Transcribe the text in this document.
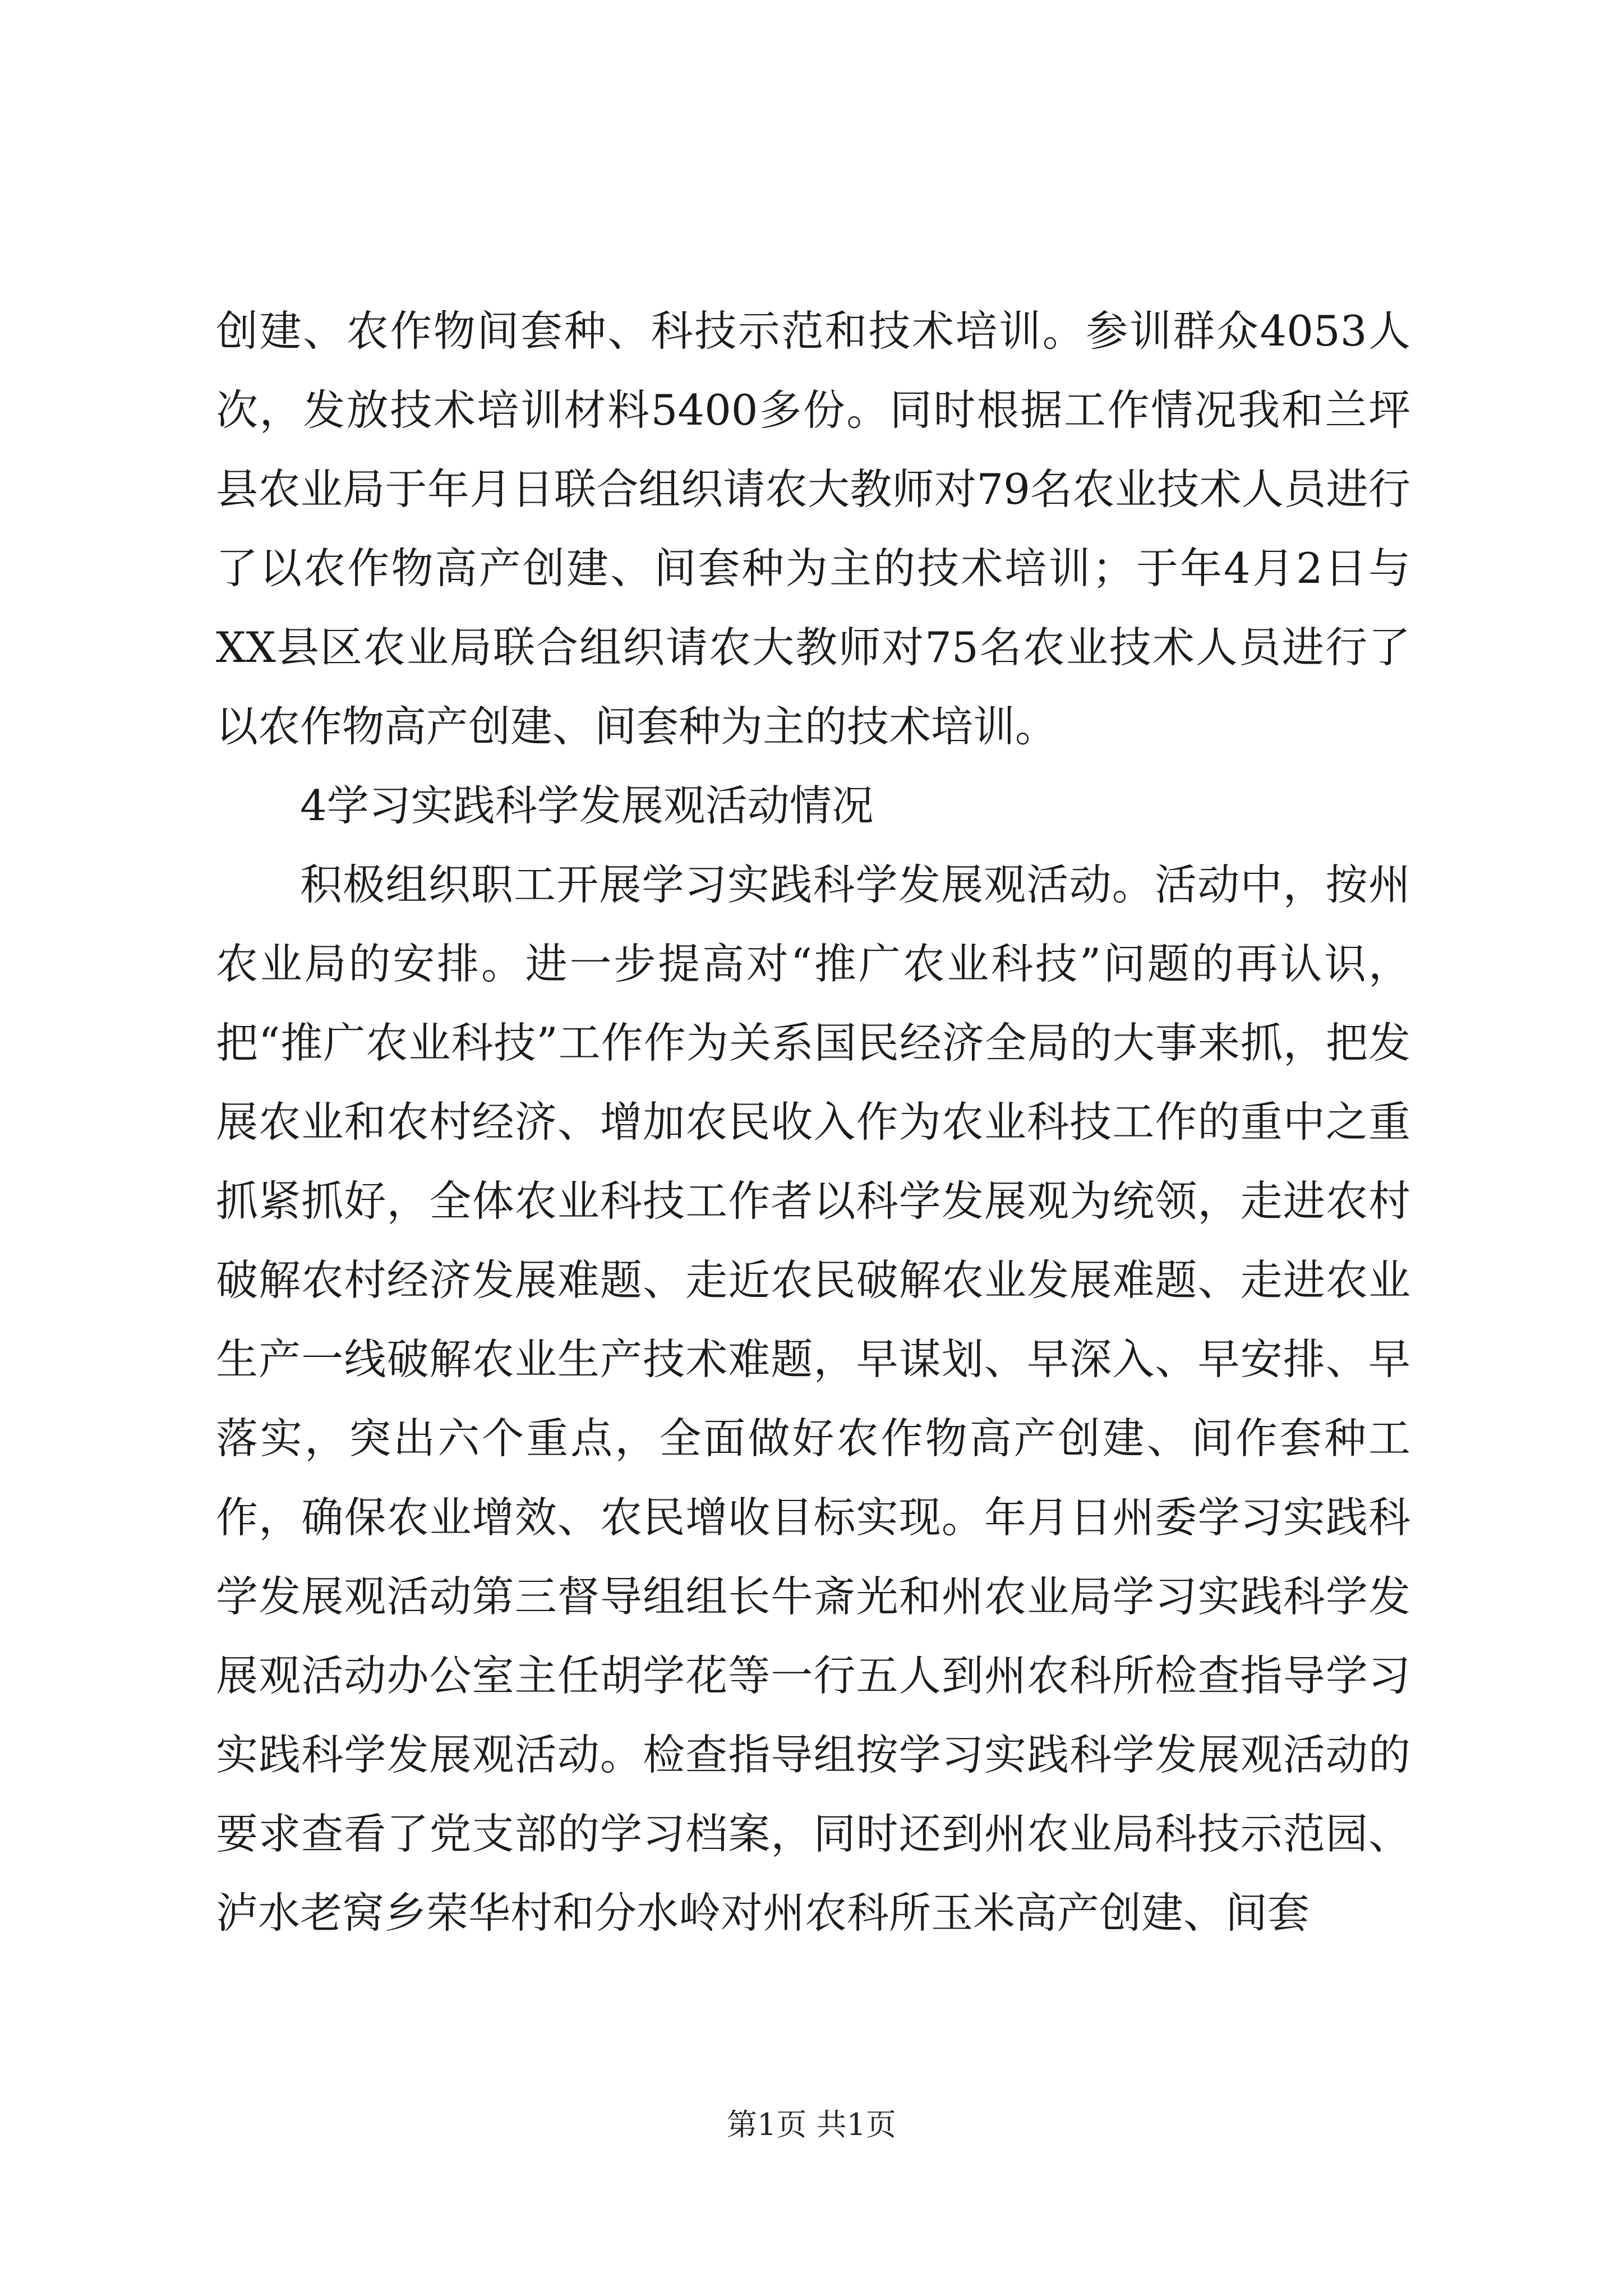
创建、农作物间套种、科技示范和技术培训。参训群众4053人次，发放技术培训材料5400多份。同时根据工作情况我和兰坪县农业局于年月日联合组织请农大教师对79名农业技术人员进行了以农作物高产创建、间套种为主的技术培训；于年4月2日与XX县区农业局联合组织请农大教师对75名农业技术人员进行了以农作物高产创建、间套种为主的技术培训。

4学习实践科学发展观活动情况

积极组织职工开展学习实践科学发展观活动。活动中，按州农业局的安排。进一步提高对“推广农业科技”问题的再认识，把“推广农业科技”工作作为关系国民经济全局的大事来抓，把发展农业和农村经济、增加农民收入作为农业科技工作的重中之重抓紧抓好，全体农业科技工作者以科学发展观为统领，走进农村破解农村经济发展难题、走近农民破解农业发展难题、走进农业生产一线破解农业生产技术难题，早谋划、早深入、早安排、早落实，突出六个重点，全面做好农作物高产创建、间作套种工作，确保农业增效、农民增收目标实现。年月日州委学习实践科学发展观活动第三督导组组长牛斎光和州农业局学习实践科学发展观活动办公室主任胡学花等一行五人到州农科所检查指导学习实践科学发展观活动。检查指导组按学习实践科学发展观活动的要求查看了党支部的学习档案，同时还到州农业局科技示范园、泸水老窝乡荣华村和分水岭对州农科所玉米高产创建、间套

第1页 共1页
